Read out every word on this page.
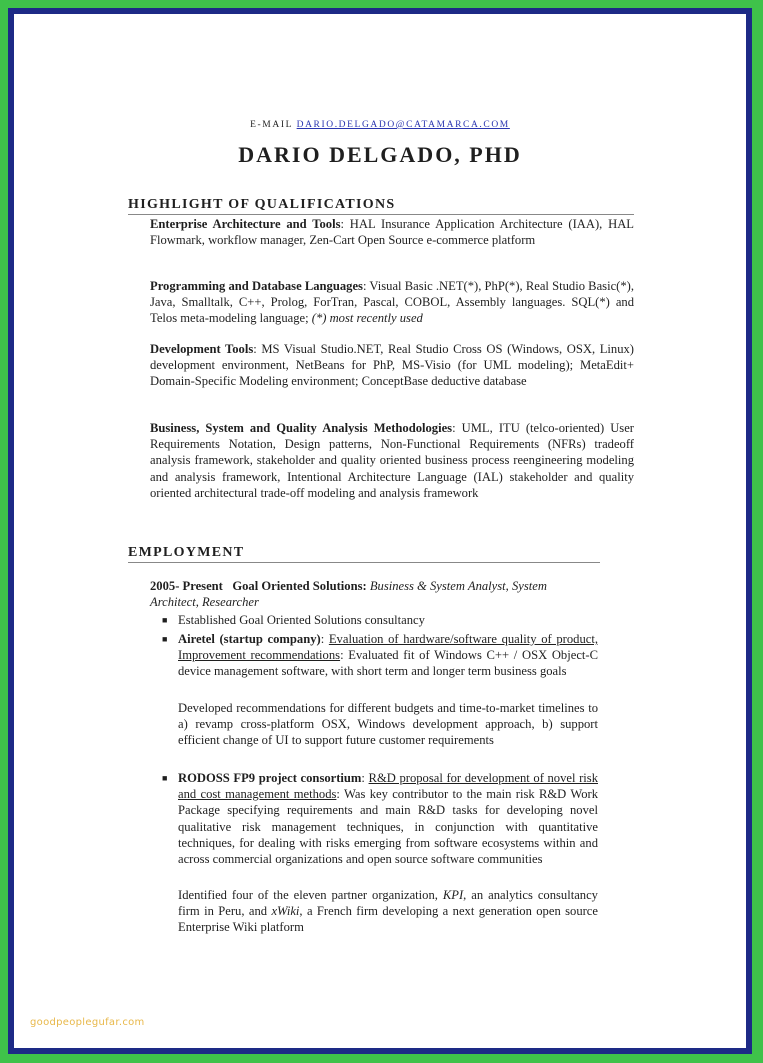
E-MAIL DARIO.DELGADO@CATAMARCA.COM
DARIO DELGADO, PHD
HIGHLIGHT OF QUALIFICATIONS
Enterprise Architecture and Tools: HAL Insurance Application Architecture (IAA), HAL Flowmark, workflow manager, Zen-Cart Open Source e-commerce platform
Programming and Database Languages: Visual Basic .NET(*), PhP(*), Real Studio Basic(*), Java, Smalltalk, C++, Prolog, ForTran, Pascal, COBOL, Assembly languages. SQL(*) and Telos meta-modeling language; (*) most recently used
Development Tools: MS Visual Studio.NET, Real Studio Cross OS (Windows, OSX, Linux) development environment, NetBeans for PhP, MS-Visio (for UML modeling); MetaEdit+ Domain-Specific Modeling environment; ConceptBase deductive database
Business, System and Quality Analysis Methodologies: UML, ITU (telco-oriented) User Requirements Notation, Design patterns, Non-Functional Requirements (NFRs) tradeoff analysis framework, stakeholder and quality oriented business process reengineering modeling and analysis framework, Intentional Architecture Language (IAL) stakeholder and quality oriented architectural trade-off modeling and analysis framework
EMPLOYMENT
2005- Present Goal Oriented Solutions: Business & System Analyst, System Architect, Researcher
■ Established Goal Oriented Solutions consultancy
■ Airetel (startup company): Evaluation of hardware/software quality of product, Improvement recommendations: Evaluated fit of Windows C++ / OSX Object-C device management software, with short term and longer term business goals
Developed recommendations for different budgets and time-to-market timelines to a) revamp cross-platform OSX, Windows development approach, b) support efficient change of UI to support future customer requirements
■ RODOSS FP9 project consortium: R&D proposal for development of novel risk and cost management methods: Was key contributor to the main risk R&D Work Package specifying requirements and main R&D tasks for developing novel qualitative risk management techniques, in conjunction with quantitative techniques, for dealing with risks emerging from software ecosystems within and across commercial organizations and open source software communities
Identified four of the eleven partner organization, KPI, an analytics consultancy firm in Peru, and xWiki, a French firm developing a next generation open source Enterprise Wiki platform
goodpeoplegufar.com
